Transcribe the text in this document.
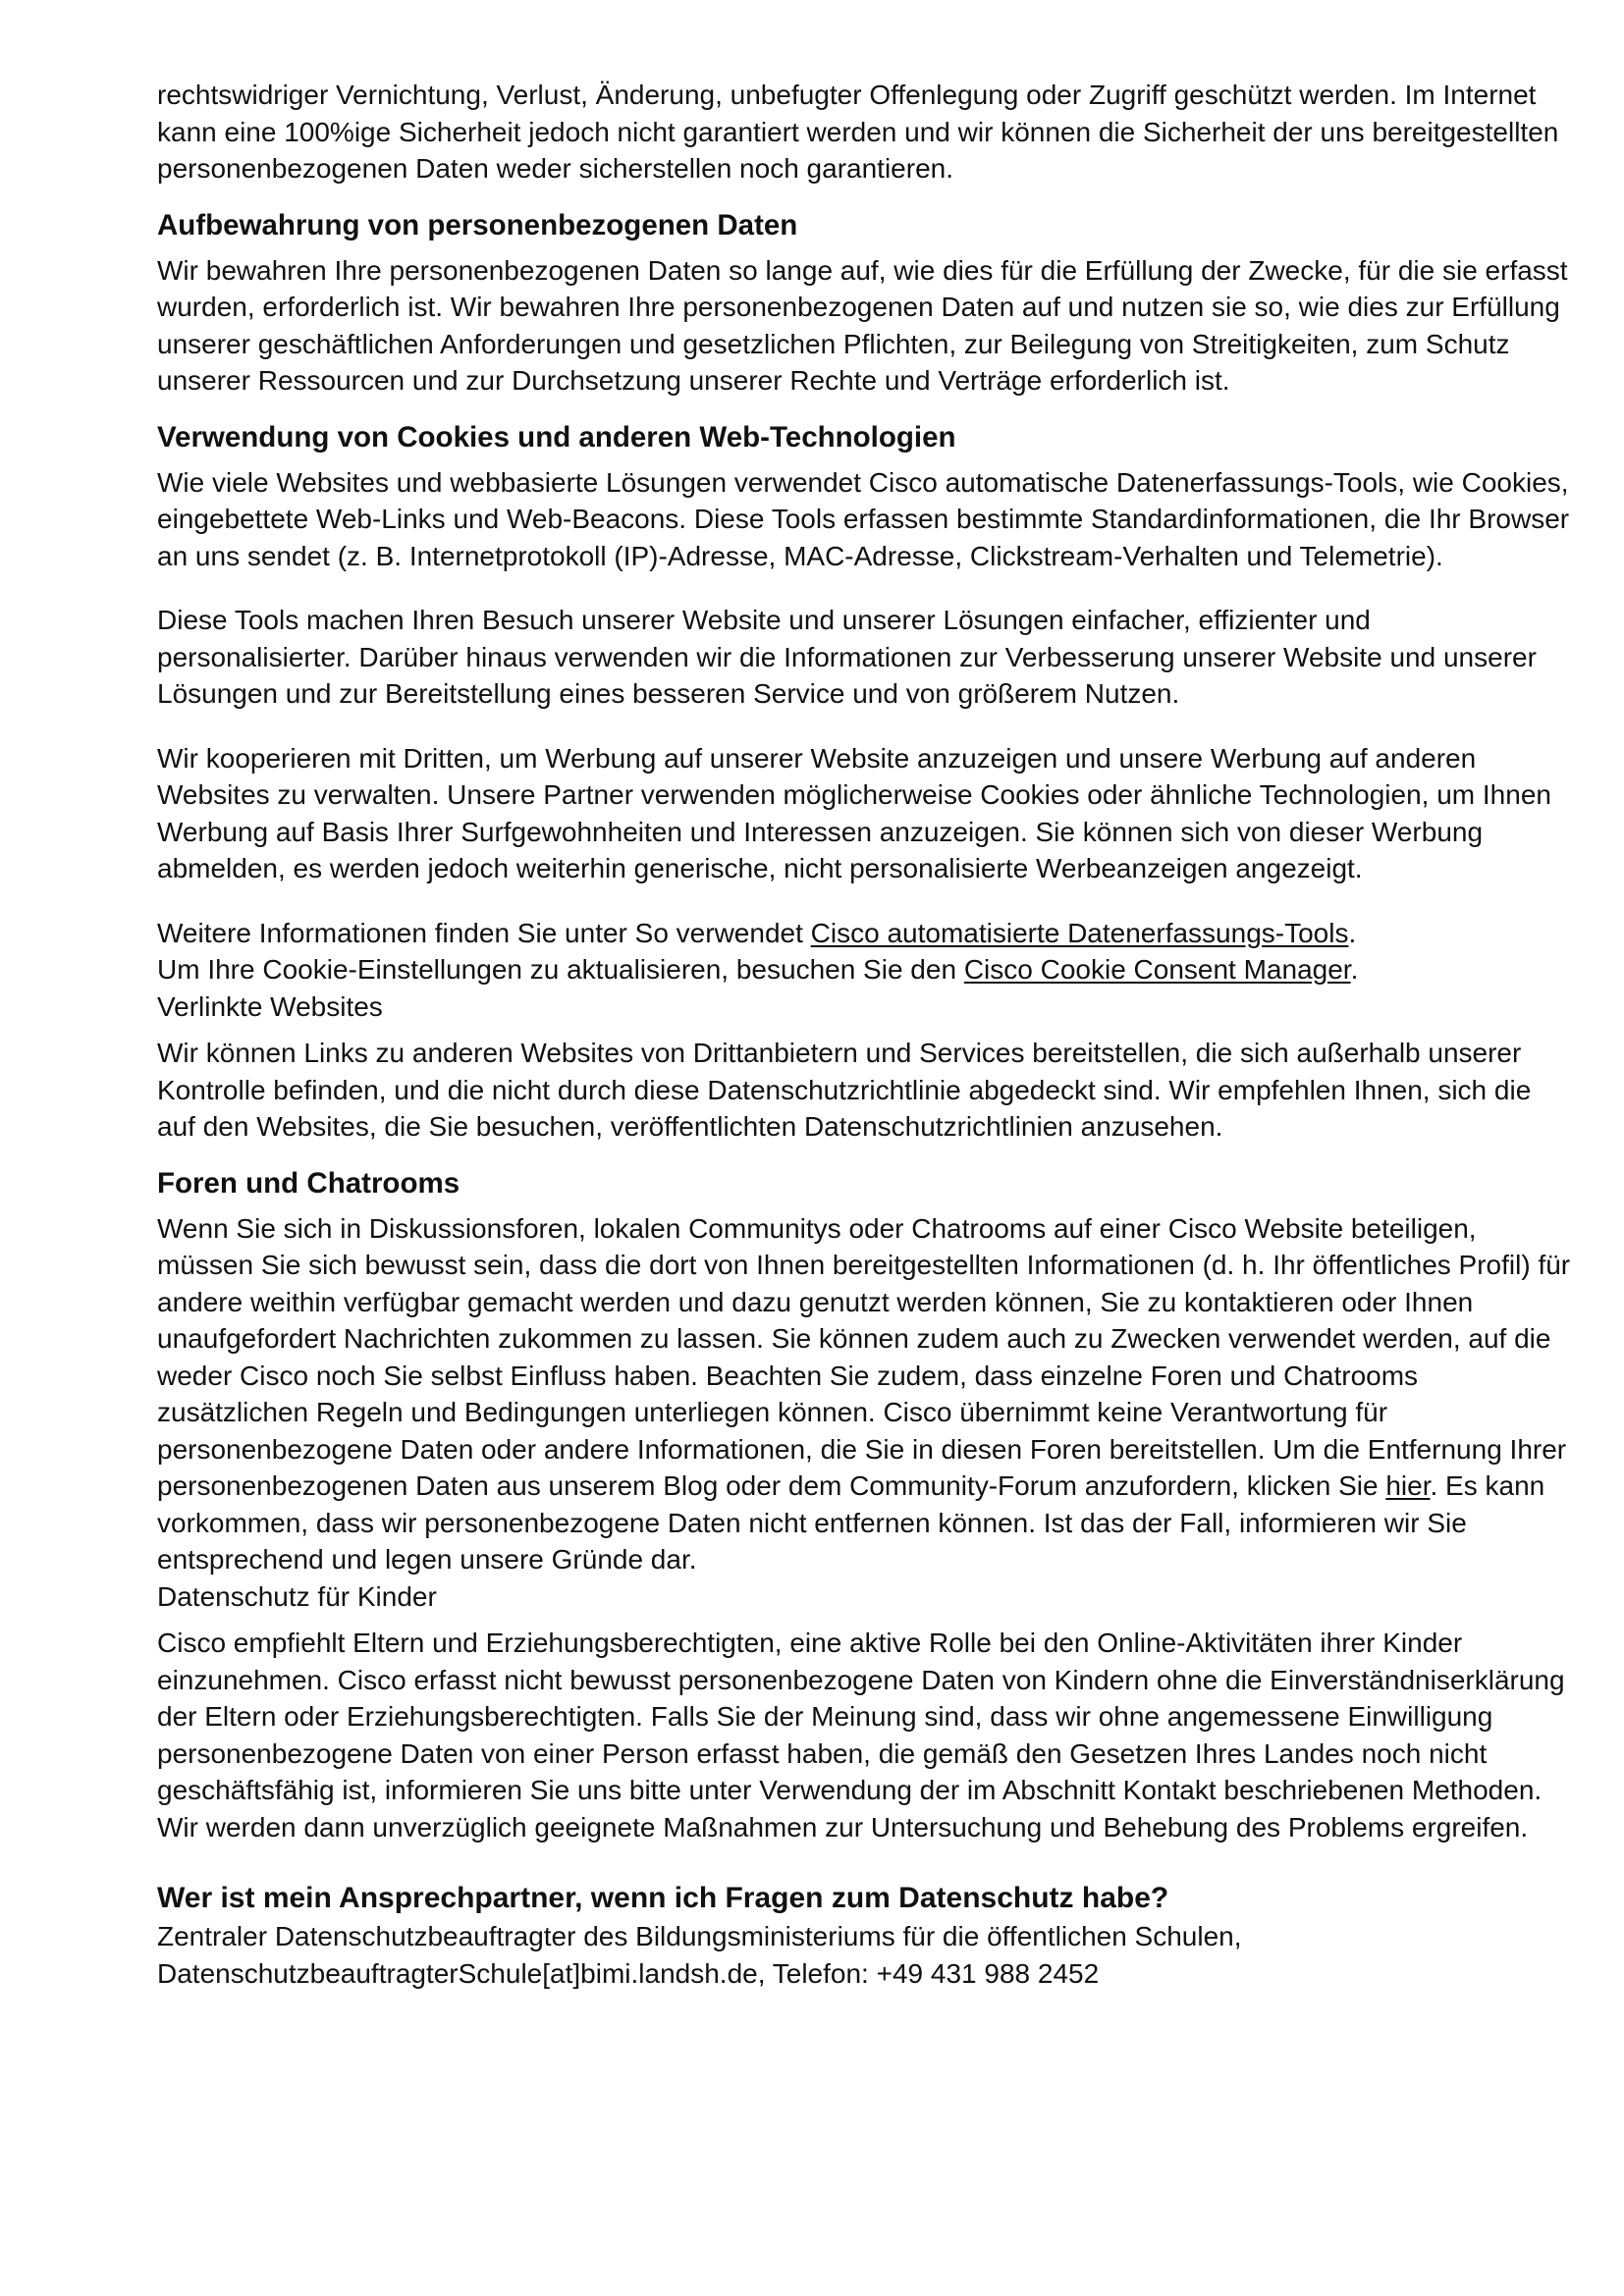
rechtswidriger Vernichtung, Verlust, Änderung, unbefugter Offenlegung oder Zugriff geschützt werden. Im Internet kann eine 100%ige Sicherheit jedoch nicht garantiert werden und wir können die Sicherheit der uns bereitgestellten personenbezogenen Daten weder sicherstellen noch garantieren.

Aufbewahrung von personenbezogenen Daten

Wir bewahren Ihre personenbezogenen Daten so lange auf, wie dies für die Erfüllung der Zwecke, für die sie erfasst wurden, erforderlich ist. Wir bewahren Ihre personenbezogenen Daten auf und nutzen sie so, wie dies zur Erfüllung unserer geschäftlichen Anforderungen und gesetzlichen Pflichten, zur Beilegung von Streitigkeiten, zum Schutz unserer Ressourcen und zur Durchsetzung unserer Rechte und Verträge erforderlich ist.

Verwendung von Cookies und anderen Web-Technologien

Wie viele Websites und webbasierte Lösungen verwendet Cisco automatische Datenerfassungs-Tools, wie Cookies, eingebettete Web-Links und Web-Beacons. Diese Tools erfassen bestimmte Standardinformationen, die Ihr Browser an uns sendet (z. B. Internetprotokoll (IP)-Adresse, MAC-Adresse, Clickstream-Verhalten und Telemetrie).

Diese Tools machen Ihren Besuch unserer Website und unserer Lösungen einfacher, effizienter und personalisierter. Darüber hinaus verwenden wir die Informationen zur Verbesserung unserer Website und unserer Lösungen und zur Bereitstellung eines besseren Service und von größerem Nutzen.

Wir kooperieren mit Dritten, um Werbung auf unserer Website anzuzeigen und unsere Werbung auf anderen Websites zu verwalten. Unsere Partner verwenden möglicherweise Cookies oder ähnliche Technologien, um Ihnen Werbung auf Basis Ihrer Surfgewohnheiten und Interessen anzuzeigen. Sie können sich von dieser Werbung abmelden, es werden jedoch weiterhin generische, nicht personalisierte Werbeanzeigen angezeigt.

Weitere Informationen finden Sie unter So verwendet Cisco automatisierte Datenerfassungs-Tools.

Um Ihre Cookie-Einstellungen zu aktualisieren, besuchen Sie den Cisco Cookie Consent Manager.

Verlinkte Websites

Wir können Links zu anderen Websites von Drittanbietern und Services bereitstellen, die sich außerhalb unserer Kontrolle befinden, und die nicht durch diese Datenschutzrichtlinie abgedeckt sind. Wir empfehlen Ihnen, sich die auf den Websites, die Sie besuchen, veröffentlichten Datenschutzrichtlinien anzusehen.

Foren und Chatrooms

Wenn Sie sich in Diskussionsforen, lokalen Communitys oder Chatrooms auf einer Cisco Website beteiligen, müssen Sie sich bewusst sein, dass die dort von Ihnen bereitgestellten Informationen (d. h. Ihr öffentliches Profil) für andere weithin verfügbar gemacht werden und dazu genutzt werden können, Sie zu kontaktieren oder Ihnen unaufgefordert Nachrichten zukommen zu lassen. Sie können zudem auch zu Zwecken verwendet werden, auf die weder Cisco noch Sie selbst Einfluss haben. Beachten Sie zudem, dass einzelne Foren und Chatrooms zusätzlichen Regeln und Bedingungen unterliegen können. Cisco übernimmt keine Verantwortung für personenbezogene Daten oder andere Informationen, die Sie in diesen Foren bereitstellen. Um die Entfernung Ihrer personenbezogenen Daten aus unserem Blog oder dem Community-Forum anzufordern, klicken Sie hier. Es kann vorkommen, dass wir personenbezogene Daten nicht entfernen können. Ist das der Fall, informieren wir Sie entsprechend und legen unsere Gründe dar.

Datenschutz für Kinder

Cisco empfiehlt Eltern und Erziehungsberechtigten, eine aktive Rolle bei den Online-Aktivitäten ihrer Kinder einzunehmen. Cisco erfasst nicht bewusst personenbezogene Daten von Kindern ohne die Einverständniserklärung der Eltern oder Erziehungsberechtigten. Falls Sie der Meinung sind, dass wir ohne angemessene Einwilligung personenbezogene Daten von einer Person erfasst haben, die gemäß den Gesetzen Ihres Landes noch nicht geschäftsfähig ist, informieren Sie uns bitte unter Verwendung der im Abschnitt Kontakt beschriebenen Methoden. Wir werden dann unverzüglich geeignete Maßnahmen zur Untersuchung und Behebung des Problems ergreifen.

Wer ist mein Ansprechpartner, wenn ich Fragen zum Datenschutz habe?

Zentraler Datenschutzbeauftragter des Bildungsministeriums für die öffentlichen Schulen,

DatenschutzbeauftragterSchule[at]bimi.landsh.de, Telefon: +49 431 988 2452
